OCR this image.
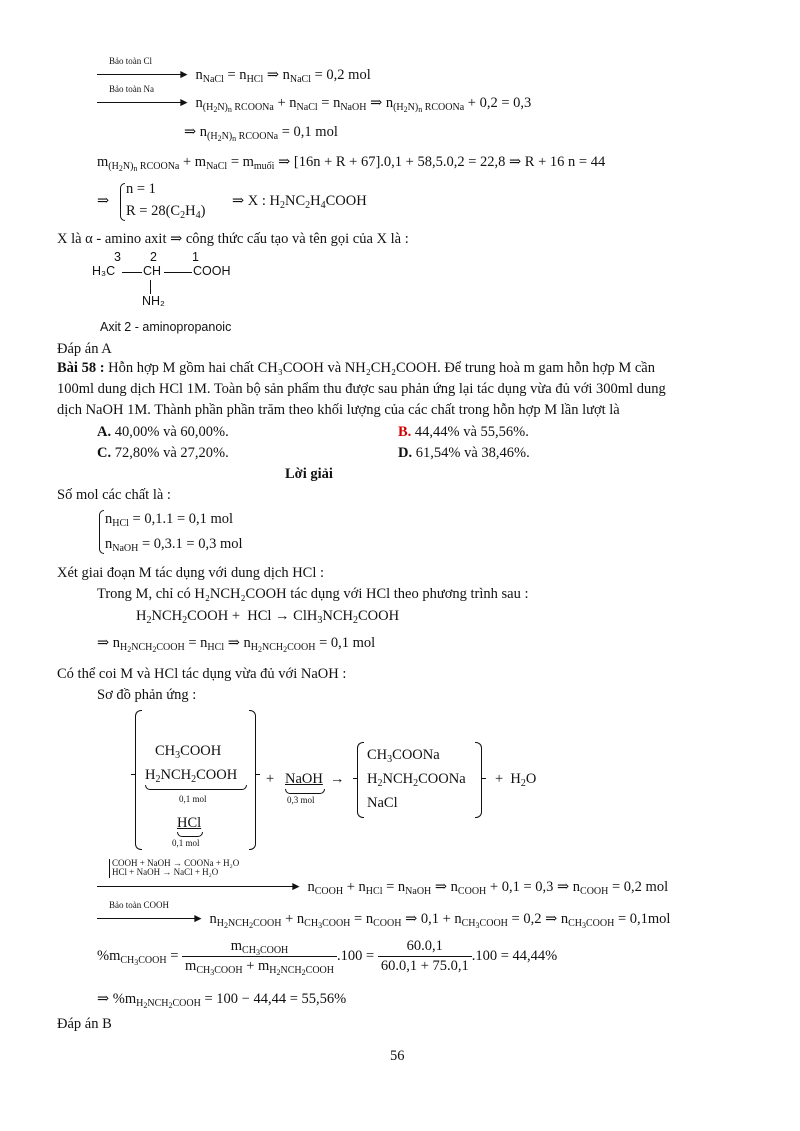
Bảo toàn Cl
► $n_{NaCl} = n_{HCl}$ ⇒ $n_{NaCl} = 0,2$ mol
Bảo toàn Na
► $n_{(H_2N)_n RCOONa} + n_{NaCl} = n_{NaOH}$ ⇒ $n_{(H_2N)_n RCOONa} + 0,2 = 0,3$
⇒ $n_{(H_2N)_n RCOONa} = 0,1$ mol
$m_{(H_2N)_n RCOONa} + m_{NaCl} = m_{muối}$ ⇒ [16n + R + 67].0,1 + 58,5.0,2 = 22,8 ⇒ R + 16 n = 44
⇒
n = 1
$R = 28(C_2H_4)$
⇒ X : $H_2NC_2H_4COOH$
X là α - amino axit ⇒ công thức cấu tạo và tên gọi của X là :
3 2	1
H₃C CH	COOH
NH₂
Axit 2 - aminopropanoic
Đáp án A
Bài 58 : Hỗn hợp M gồm hai chất CH₃COOH và NH₂CH₂COOH. Để trung hoà m gam hỗn hợp M cần
100ml dung dịch HCl 1M. Toàn bộ sản phẩm thu được sau phản ứng lại tác dụng vừa đủ với 300ml dung
dịch NaOH 1M. Thành phần phần trăm theo khối lượng của các chất trong hỗn hợp M lần lượt là
A. 40,00% và 60,00%.	B. 44,44% và 55,56%.
C. 72,80% và 27,20%.	D. 61,54% và 38,46%.
Lời giải
Số mol các chất là :
$n_{HCl} = 0,1.1 = 0,1$ mol
$n_{NaOH} = 0,3.1 = 0,3$ mol
Xét giai đoạn M tác dụng với dung dịch HCl :
Trong M, chỉ có H₂NCH₂COOH tác dụng với HCl theo phương trình sau :
$H_2NCH_2COOH$ +  HCl → $ClH_3NCH_2COOH$
⇒ $n_{H_2NCH_2COOH} = n_{HCl}$ ⇒ $n_{H_2NCH_2COOH} = 0,1$ mol
Có thể coi M và HCl tác dụng vừa đủ với NaOH :
Sơ đồ phản ứng :
$CH_3COOH$
$H_2NCH_2COOH$
0,1 mol
HCl
0,1 mol
+ NaOH
0,3 mol
→
$CH_3COONa$
$H_2NCH_2COONa$
NaCl
+  $H_2O$
COOH + NaOH → COONa + H₂O
HCl + NaOH → NaCl + H₂O
► $n_{COOH} + n_{HCl} = n_{NaOH}$ ⇒ $n_{COOH} + 0,1 = 0,3$ ⇒ $n_{COOH} = 0,2$ mol
Bảo toàn COOH
► $n_{H_2NCH_2COOH} + n_{CH_3COOH} = n_{COOH}$ ⇒ $0,1 + n_{CH_3COOH} = 0,2$ ⇒ $n_{CH_3COOH} = 0,1mol$
$\%m_{CH_3COOH} = \frac{m_{CH_3COOH}}{m_{CH_3COOH} + m_{H_2NCH_2COOH}} .100 = \frac{60.0,1}{60.0,1 + 75.0,1} .100 = 44,44\%$
⇒ $\%m_{H_2NCH_2COOH} = 100 - 44,44 = 55,56\%$
Đáp án B
56
